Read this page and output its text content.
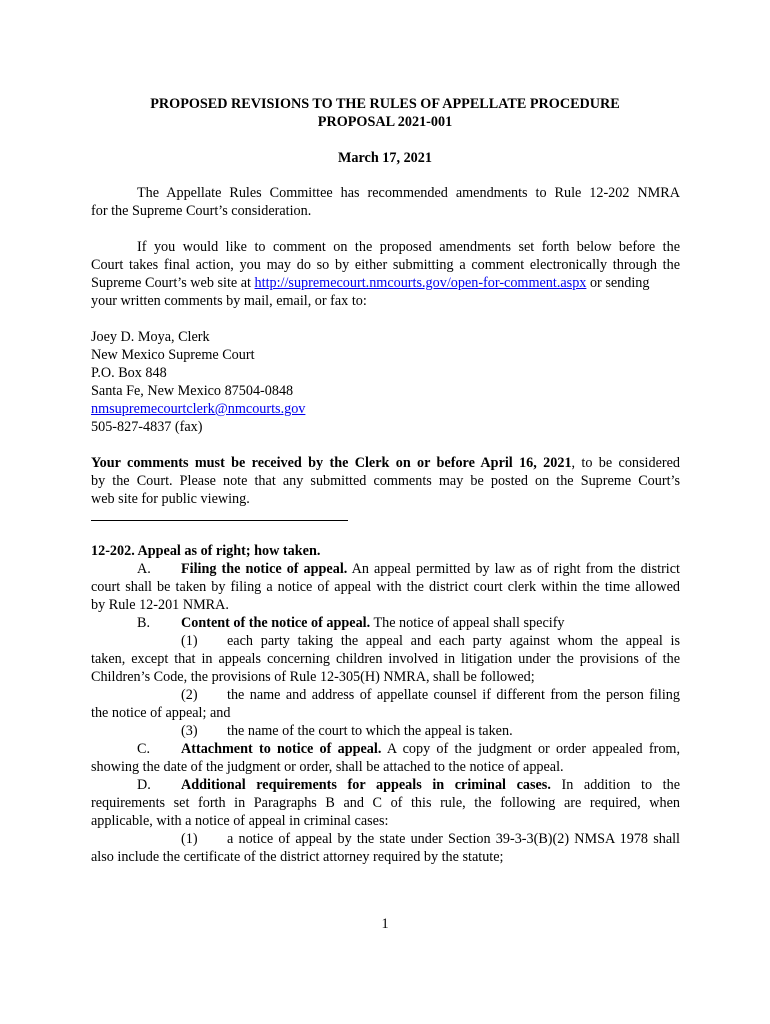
PROPOSED REVISIONS TO THE RULES OF APPELLATE PROCEDURE
PROPOSAL 2021-001
March 17, 2021
The Appellate Rules Committee has recommended amendments to Rule 12-202 NMRA
for the Supreme Court’s consideration.
If you would like to comment on the proposed amendments set forth below before the
Court takes final action, you may do so by either submitting a comment electronically through the
Supreme Court’s web site at http://supremecourt.nmcourts.gov/open-for-comment.aspx or sending
your written comments by mail, email, or fax to:
Joey D. Moya, Clerk
New Mexico Supreme Court
P.O. Box 848
Santa Fe, New Mexico 87504-0848
nmsupremecourtclerk@nmcourts.gov
505-827-4837 (fax)
Your comments must be received by the Clerk on or before April 16, 2021, to be considered
by the Court. Please note that any submitted comments may be posted on the Supreme Court’s
web site for public viewing.
12-202. Appeal as of right; how taken.
A. Filing the notice of appeal. An appeal permitted by law as of right from the district
court shall be taken by filing a notice of appeal with the district court clerk within the time allowed
by Rule 12-201 NMRA.
B. Content of the notice of appeal. The notice of appeal shall specify
(1) each party taking the appeal and each party against whom the appeal is
taken, except that in appeals concerning children involved in litigation under the provisions of the
Children’s Code, the provisions of Rule 12-305(H) NMRA, shall be followed;
(2) the name and address of appellate counsel if different from the person filing
the notice of appeal; and
(3) the name of the court to which the appeal is taken.
C. Attachment to notice of appeal. A copy of the judgment or order appealed from,
showing the date of the judgment or order, shall be attached to the notice of appeal.
D. Additional requirements for appeals in criminal cases. In addition to the
requirements set forth in Paragraphs B and C of this rule, the following are required, when
applicable, with a notice of appeal in criminal cases:
(1) a notice of appeal by the state under Section 39-3-3(B)(2) NMSA 1978 shall
also include the certificate of the district attorney required by the statute;
1
